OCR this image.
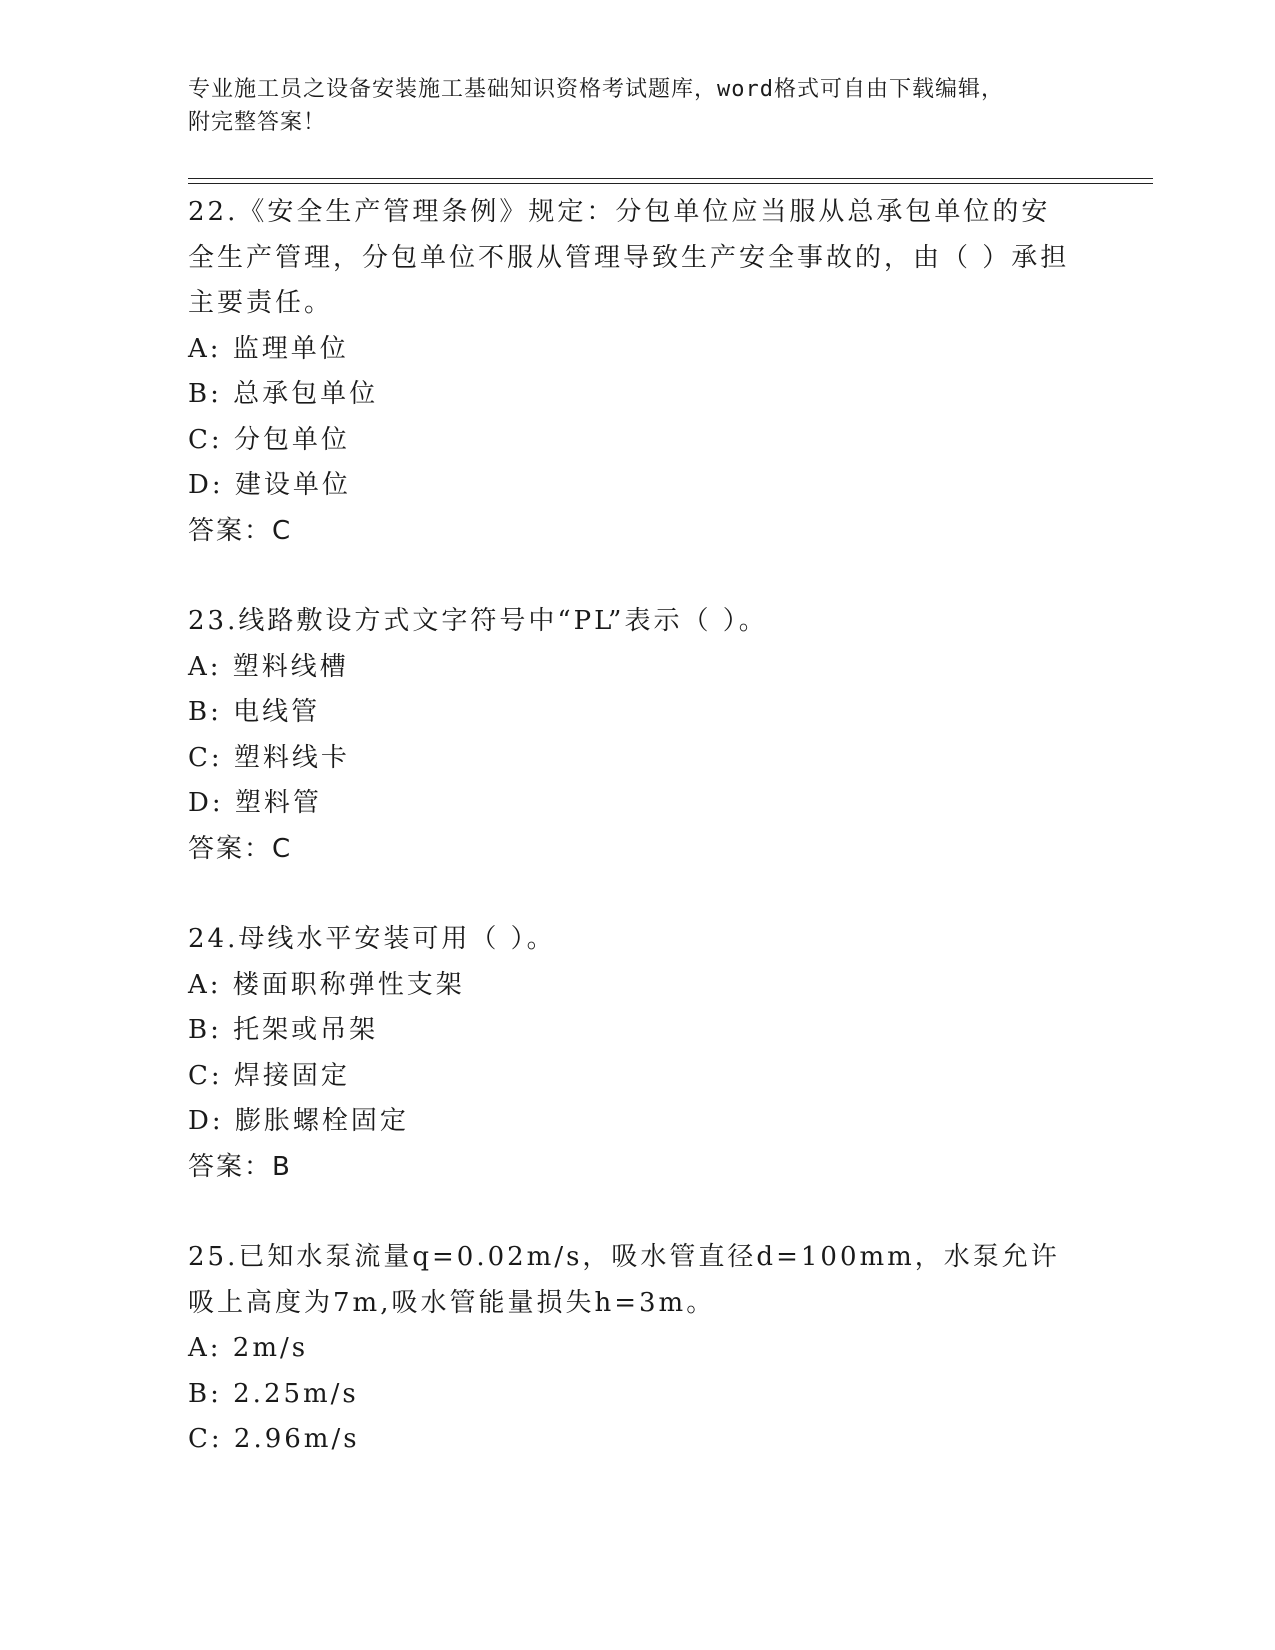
专业施工员之设备安装施工基础知识资格考试题库，word格式可自由下载编辑，
附完整答案！
22.《安全生产管理条例》规定：分包单位应当服从总承包单位的安全生产管理，分包单位不服从管理导致生产安全事故的，由（ ）承担主要责任。
A: 监理单位
B: 总承包单位
C: 分包单位
D: 建设单位
答案：C
23.线路敷设方式文字符号中“PL”表示（ ）。
A: 塑料线槽
B: 电线管
C: 塑料线卡
D: 塑料管
答案：C
24.母线水平安装可用（ ）。
A: 楼面职称弹性支架
B: 托架或吊架
C: 焊接固定
D: 膨胀螺栓固定
答案：B
25.已知水泵流量q=0.02m/s，吸水管直径d=100mm，水泵允许吸上高度为7m,吸水管能量损失h=3m。
A: 2m/s
B: 2.25m/s
C: 2.96m/s
